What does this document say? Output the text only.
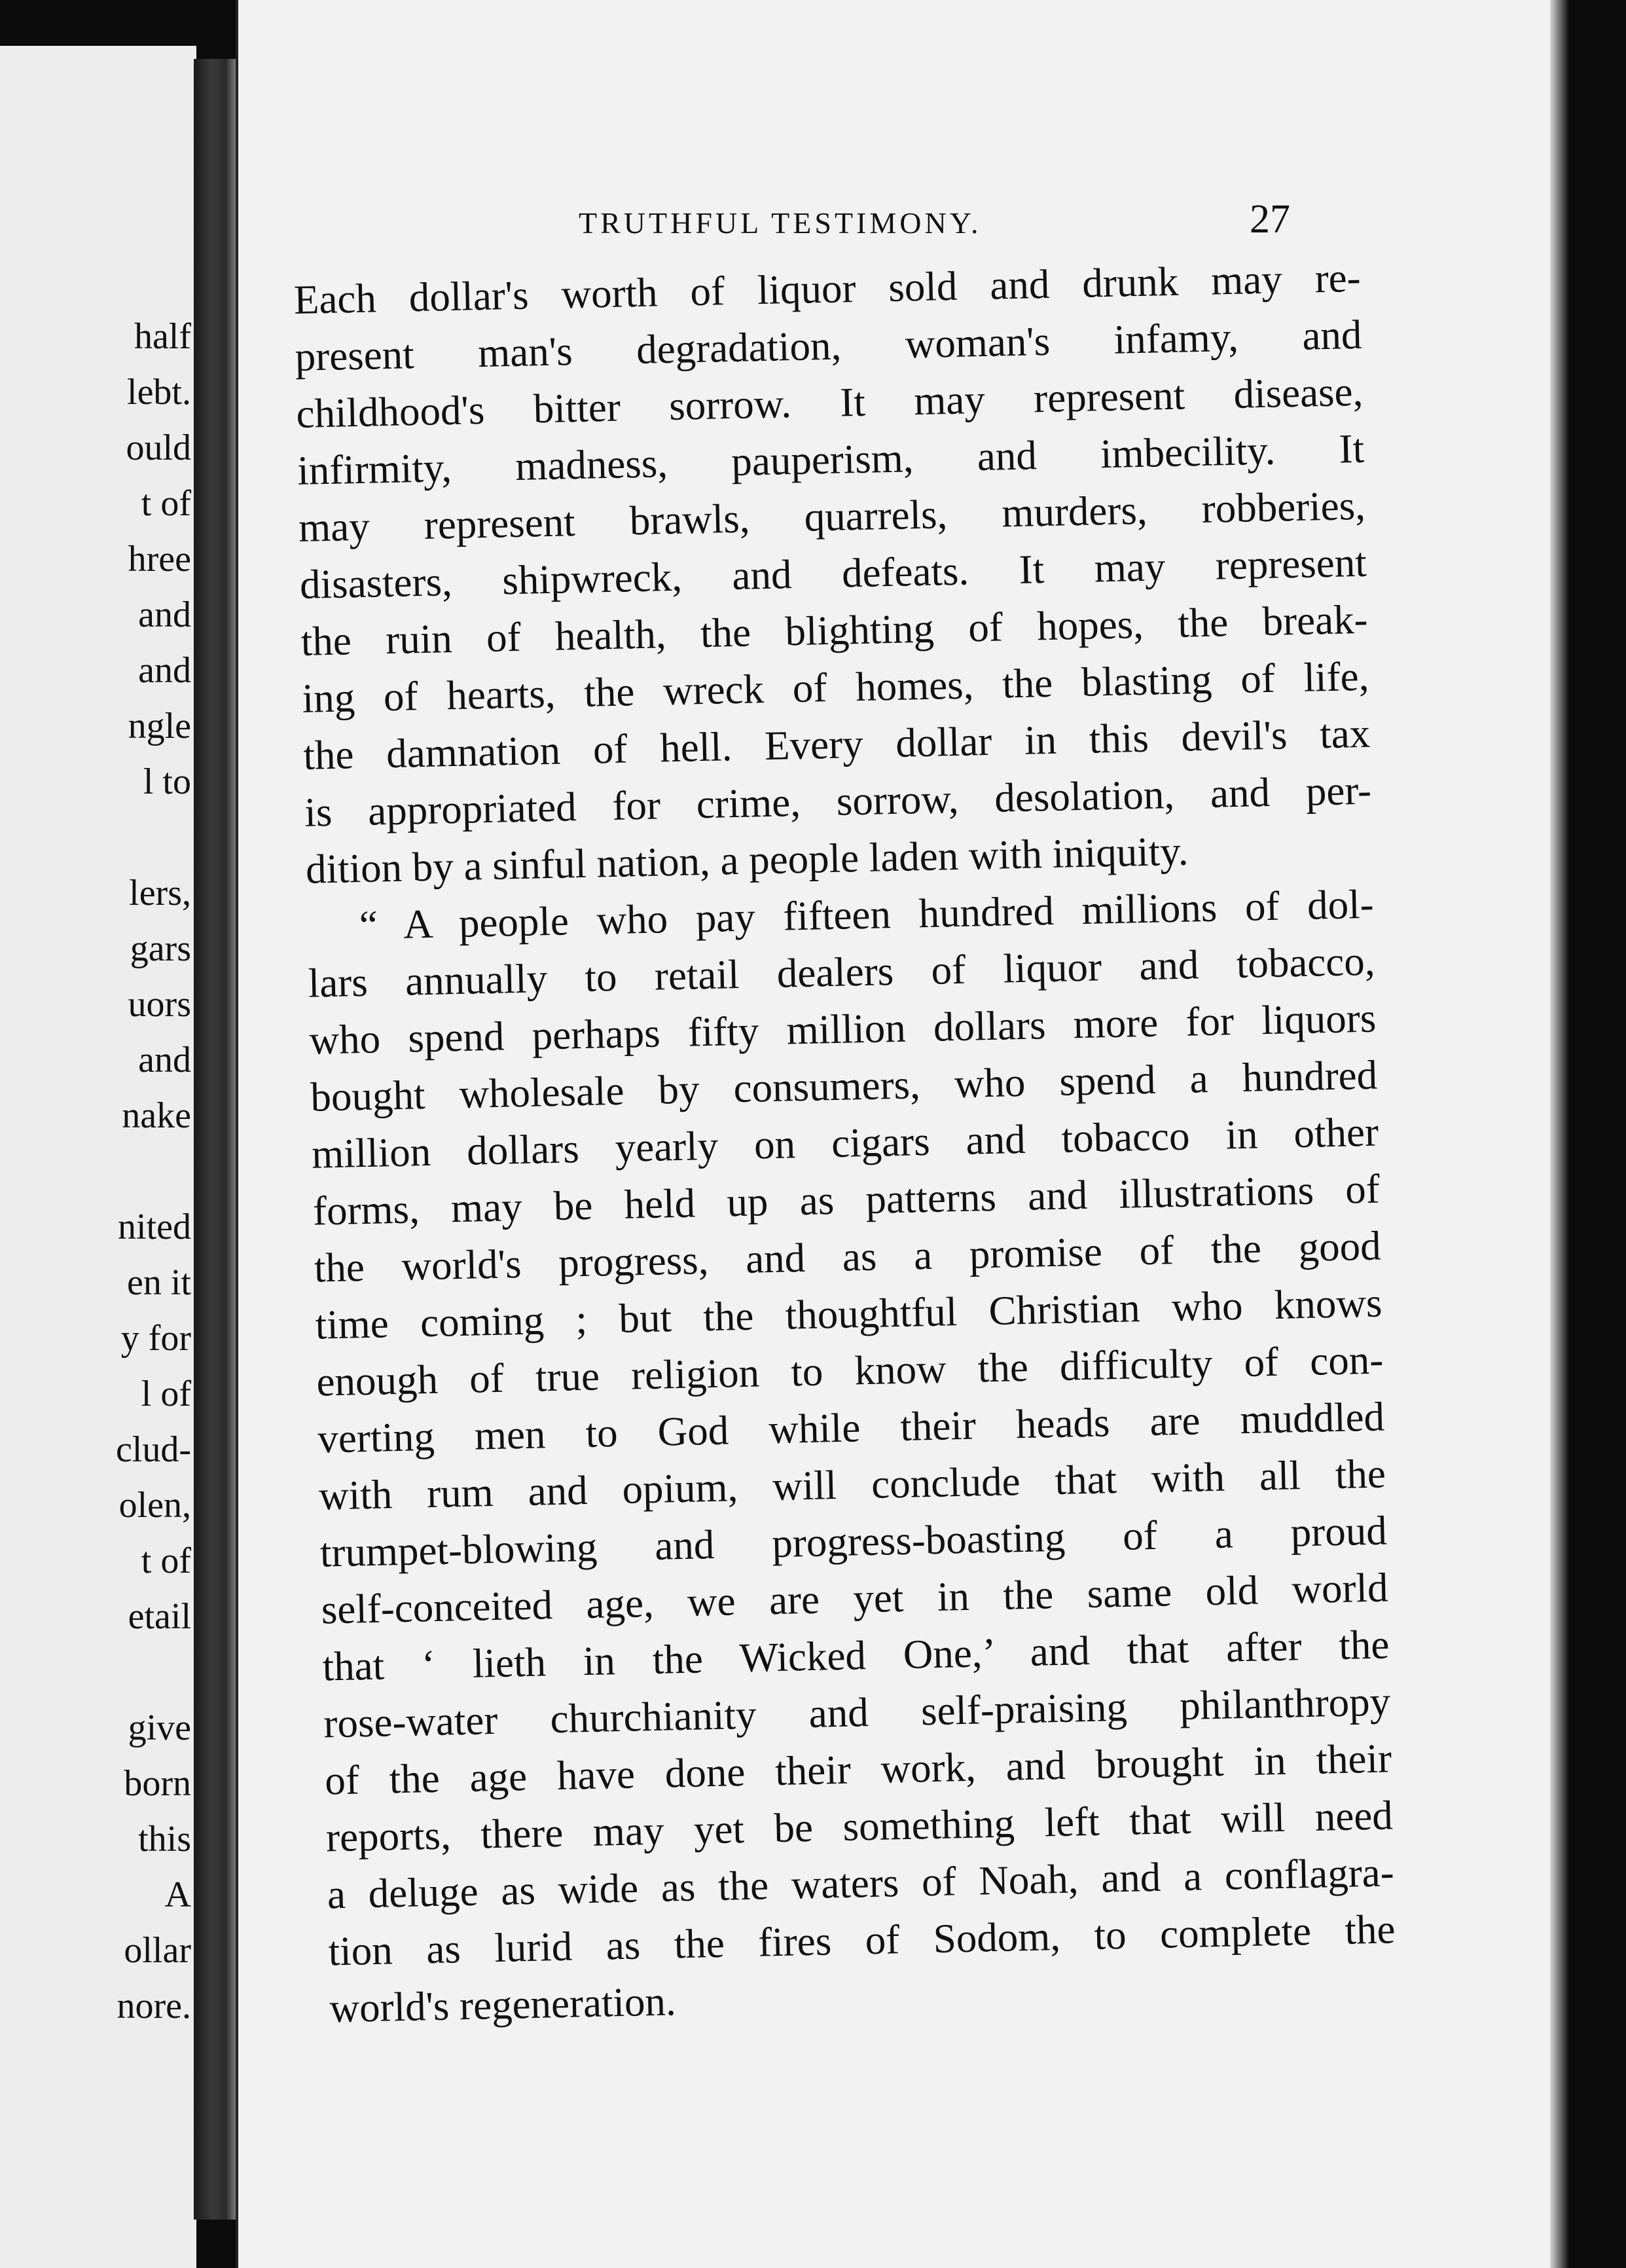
half
lebt.
ould
t of
hree
and
and
ngle
l to
lers,
gars
uors
and
nake
nited
en it
y for
l of
clud-
olen,
t of
etail
give
born
this
A
ollar
nore.
TRUTHFUL TESTIMONY.	27
Each dollar's worth of liquor sold and drunk may re-
present man's degradation, woman's infamy, and
childhood's bitter sorrow. It may represent disease,
infirmity, madness, pauperism, and imbecility. It
may represent brawls, quarrels, murders, robberies,
disasters, shipwreck, and defeats. It may represent
the ruin of health, the blighting of hopes, the break-
ing of hearts, the wreck of homes, the blasting of life,
the damnation of hell. Every dollar in this devil's tax
is appropriated for crime, sorrow, desolation, and per-
dition by a sinful nation, a people laden with iniquity.
“ A people who pay fifteen hundred millions of dol-
lars annually to retail dealers of liquor and tobacco,
who spend perhaps fifty million dollars more for liquors
bought wholesale by consumers, who spend a hundred
million dollars yearly on cigars and tobacco in other
forms, may be held up as patterns and illustrations of
the world's progress, and as a promise of the good
time coming ; but the thoughtful Christian who knows
enough of true religion to know the difficulty of con-
verting men to God while their heads are muddled
with rum and opium, will conclude that with all the
trumpet-blowing and progress-boasting of a proud
self-conceited age, we are yet in the same old world
that ‘ lieth in the Wicked One,’ and that after the
rose-water churchianity and self-praising philanthropy
of the age have done their work, and brought in their
reports, there may yet be something left that will need
a deluge as wide as the waters of Noah, and a conflagra-
tion as lurid as the fires of Sodom, to complete the
world's regeneration.
